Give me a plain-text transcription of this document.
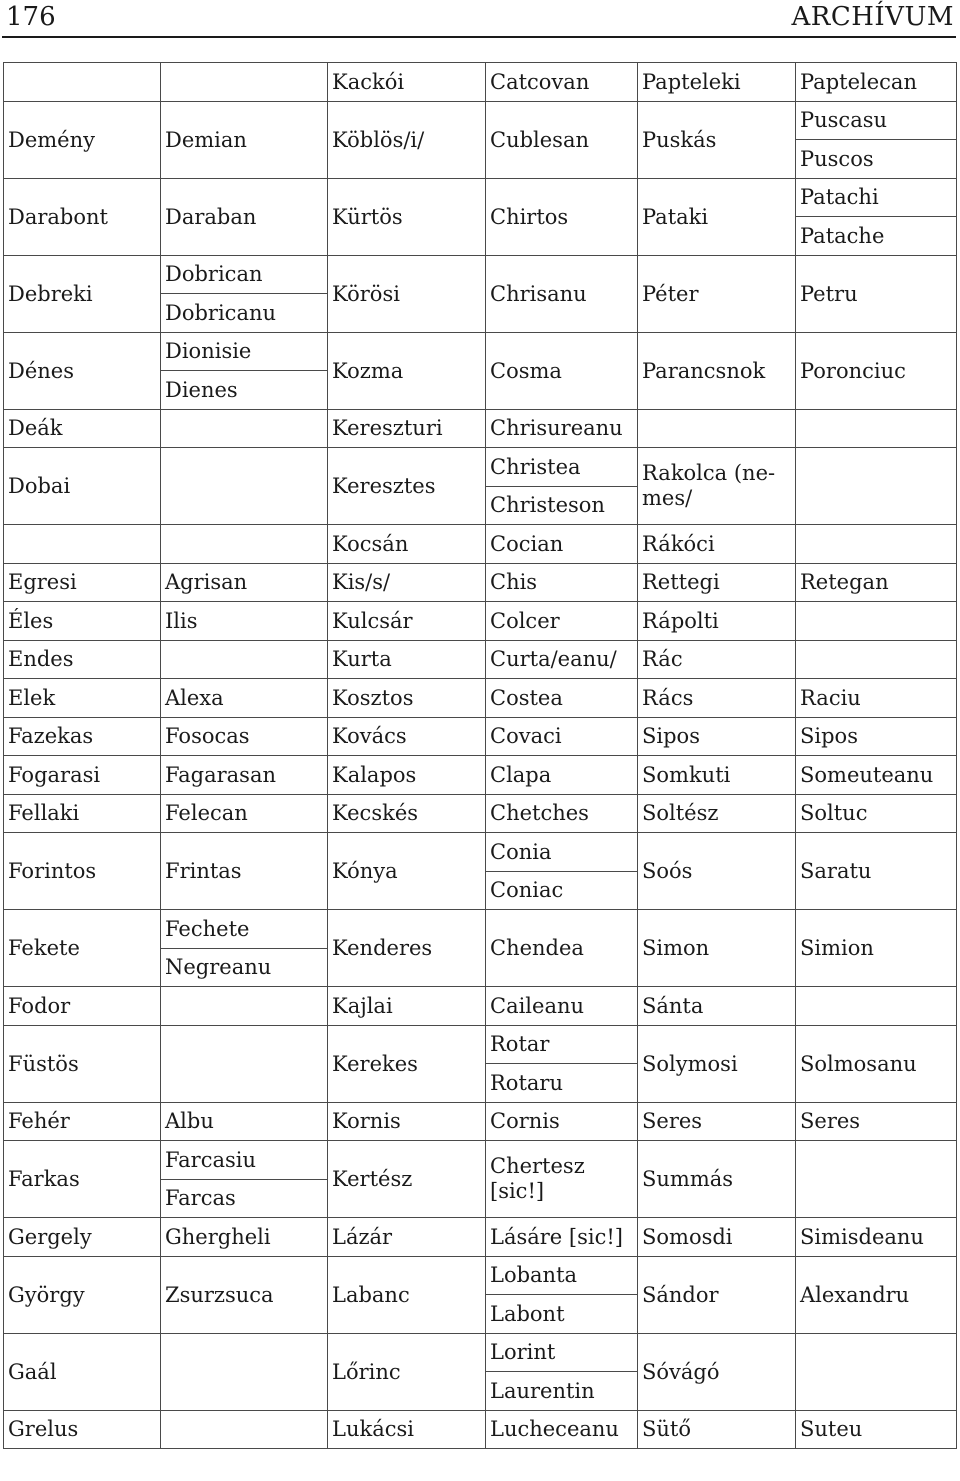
176	ARCHÍVUM
		Kackói	Catcovan	Papteleki	Paptelecan
Demény	Demian	Köblös/i/	Cublesan	Puskás	Puscasu
					Puscos
Darabont	Daraban	Kürtös	Chirtos	Pataki	Patachi
					Patache
Debreki	Dobrican	Körösi	Chrisanu	Péter	Petru
	Dobricanu				
Dénes	Dionisie	Kozma	Cosma	Parancsnok	Poronciuc
	Dienes				
Deák		Kereszturi	Chrisureanu		
Dobai		Keresztes	Christea	Rakolca (ne- mes/	
			Christeson		
		Kocsán	Cocian	Rákóci	
Egresi	Agrisan	Kis/s/	Chis	Rettegi	Retegan
Éles	Ilis	Kulcsár	Colcer	Rápolti	
Endes		Kurta	Curta/eanu/	Rác	
Elek	Alexa	Kosztos	Costea	Rács	Raciu
Fazekas	Fosocas	Kovács	Covaci	Sipos	Sipos
Fogarasi	Fagarasan	Kalapos	Clapa	Somkuti	Someuteanu
Fellaki	Felecan	Kecskés	Chetches	Soltész	Soltuc
Forintos	Frintas	Kónya	Conia	Soós	Saratu
			Coniac		
Fekete	Fechete	Kenderes	Chendea	Simon	Simion
	Negreanu				
Fodor		Kajlai	Caileanu	Sánta	
Füstös		Kerekes	Rotar	Solymosi	Solmosanu
			Rotaru		
Fehér	Albu	Kornis	Cornis	Seres	Seres
Farkas	Farcasiu	Kertész	Chertesz [sic!]	Summás	
	Farcas				
Gergely	Ghergheli	Lázár	Lásáre [sic!]	Somosdi	Simisdeanu
György	Zsurzsuca	Labanc	Lobanta	Sándor	Alexandru
			Labont		
Gaál		Lőrinc	Lorint	Sóvágó	
			Laurentin		
Grelus		Lukácsi	Lucheceanu	Sütő	Suteu
